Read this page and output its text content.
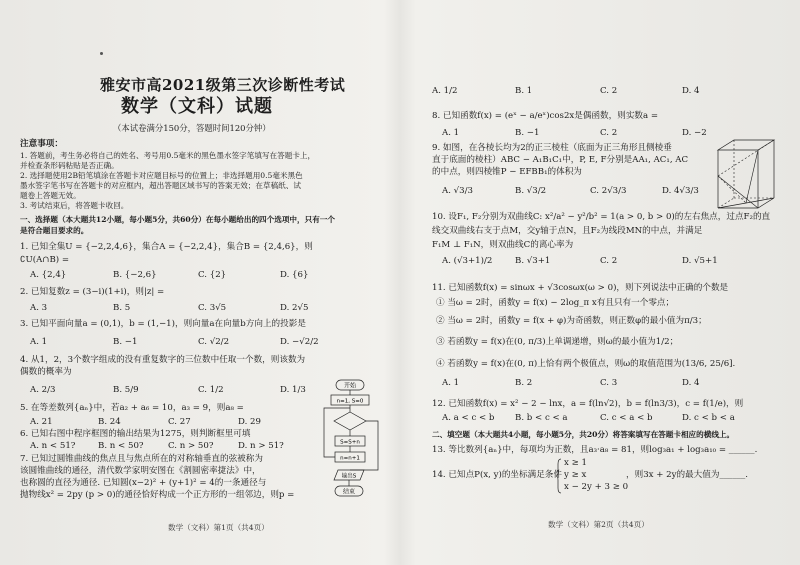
雅安市高2021级第三次诊断性考试
数学（文科）试题
（本试卷满分150分，答题时间120分钟）
注意事项：
1. 答题前，考生务必将自己的姓名、考号用0.5毫米的黑色墨水签字笔填写在答题卡上，
并检查条形码粘贴是否正确。
2. 选择题使用2B铅笔填涂在答题卡对应题目标号的位置上；非选择题用0.5毫米黑色
墨水签字笔书写在答题卡的对应框内，超出答题区域书写的答案无效；在草稿纸、试
题卷上答题无效。
3. 考试结束后，将答题卡收回。
一、选择题（本大题共12小题，每小题5分，共60分）在每小题给出的四个选项中，只有一个
是符合题目要求的。
1. 已知全集U = {−2,2,4,6}，集合A = {−2,2,4}，集合B = {2,4,6}，则
∁U(A∩B) =
A. {2,4}	B. {−2,6}	C. {2}	D. {6}
2. 已知复数z = (3−i)(1+i)，则|z| =
A. 3	B. 5	C. 3√5	D. 2√5
3. 已知平面向量a = (0,1)，b = (1,−1)，则向量a在向量b方向上的投影是
A. 1	B. −1	C. √2/2	D. −√2/2
4. 从1，2，3个数字组成的没有重复数字的三位数中任取一个数，则该数为
偶数的概率为
A. 2/3	B. 5/9	C. 1/2	D. 1/3
5. 在等差数列{aₙ}中，若a₂ + a₆ = 10，a₃ = 9，则a₈ =
A. 21	B. 24	C. 27	D. 29
6. 已知右图中程序框图的输出结果为1275，则判断框里可填
A. n < 51?	B. n < 50?	C. n > 50?	D. n > 51?
7. 已知过圆锥曲线的焦点且与焦点所在的对称轴垂直的弦被称为
该圆锥曲线的通径，清代数学家明安图在《割圆密率捷法》中，
也称圆的直径为通径. 已知圆(x−2)² + (y+1)² = 4的一条通径与
抛物线x² = 2py (p > 0)的通径恰好构成一个正方形的一组邻边，则p =
开始
n=1, S=0
S=S+n
n=n+1
输出S
结束
数学（文科）第1页（共4页）
A. 1/2	B. 1	C. 2	D. 4
8. 已知函数f(x) = (eˣ − a/eˣ)cos2x是偶函数，则实数a =
A. 1	B. −1	C. 2	D. −2
9. 如图，在各棱长均为2的正三棱柱（底面为正三角形且侧棱垂
直于底面的棱柱）ABC − A₁B₁C₁中，P, E, F分别是AA₁, AC₁, AC
的中点，则四棱锥P − EFBB₁的体积为
A. √3/3	B. √3/2	C. 2√3/3	D. 4√3/3
10. 设F₁, F₂分别为双曲线C: x²/a² − y²/b² = 1(a > 0, b > 0)的左右焦点，过点F₂的直
线交双曲线右支于点M，交y轴于点N，且F₂为线段MN的中点，并满足
F₁M ⊥ F₁N，则双曲线C的离心率为
A. (√3+1)/2	B. √3+1	C. 2	D. √5+1
11. 已知函数f(x) = sinωx + √3cosωx(ω > 0)，则下列说法中正确的个数是
① 当ω = 2时，函数y = f(x) − 2log_π x有且只有一个零点；
② 当ω = 2时，函数y = f(x + φ)为奇函数，则正数φ的最小值为π/3；
③ 若函数y = f(x)在(0, π/3)上单调递增，则ω的最小值为1/2；
④ 若函数y = f(x)在(0, π)上恰有两个极值点，则ω的取值范围为(13/6, 25/6].
A. 1	B. 2	C. 3	D. 4
12. 已知函数f(x) = x² − 2 − lnx，a = f(ln√2)，b = f(ln3/3)，c = f(1/e)，则
A. a < c < b B. b < c < a	C. c < a < b	D. c < b < a
二、填空题（本大题共4小题，每小题5分，共20分）将答案填写在答题卡相应的横线上。
13. 等比数列{aₙ}中，每项均为正数，且a₃·a₈ = 81，则log₃a₁ + log₃a₁₀ = ______.
14. 已知点P(x, y)的坐标满足条件
x ≥ 1
y ≥ x
x − 2y + 3 ≥ 0
，则3x + 2y的最大值为______.
数学（文科）第2页（共4页）
